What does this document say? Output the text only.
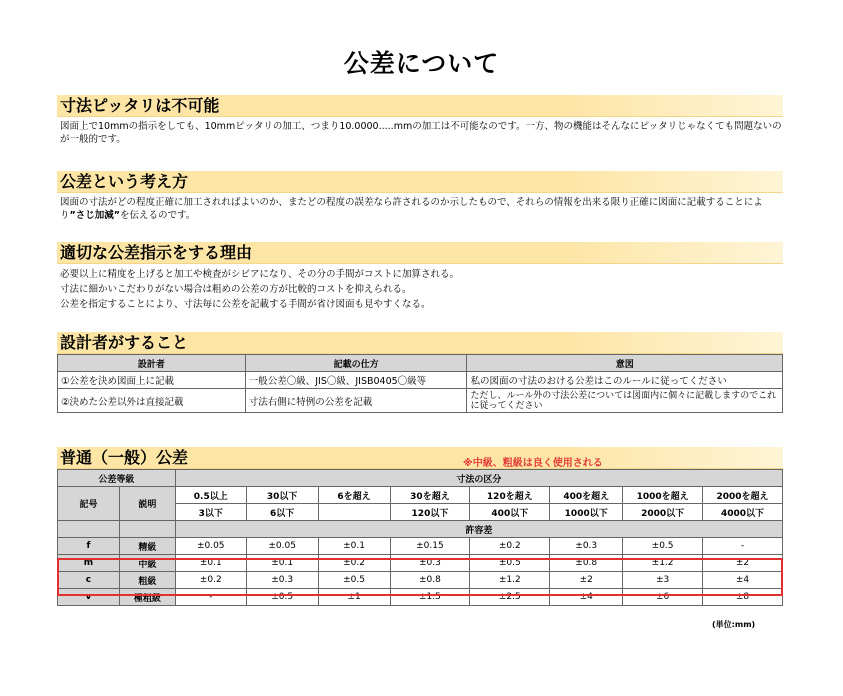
公差について
寸法ピッタリは不可能

図面上で10mmの指示をしても、10mmピッタリの加工、つまり10.0000.....mmの加工は不可能なのです。一方、物の機能はそんなにピッタリじゃなくても問題ないのが一般的です。

公差という考え方

図面の寸法がどの程度正確に加工されればよいのか、またどの程度の誤差なら許されるのか示したもので、それらの情報を出来る限り正確に図面に記載することにより”さじ加減”を伝えるのです。

適切な公差指示をする理由

必要以上に精度を上げると加工や検査がシビアになり、その分の手間がコストに加算される。

寸法に細かいこだわりがない場合は粗めの公差の方が比較的コストを抑えられる。

公差を指定することにより、寸法毎に公差を記載する手間が省け図面も見やすくなる。

設計者がすること
設計者	記載の仕方	意図
①公差を決め図面上に記載	一般公差〇級、JIS〇級、JISB0405〇級等	私の図面の寸法のおける公差はこのルールに従ってください
②決めた公差以外は直接記載	寸法右側に特例の公差を記載	ただし、ルール外の寸法公差については図面内に個々に記載しますのでこれに従ってください
普通（一般）公差	※中級、粗級は良く使用される
公差等級		寸法の区分							
記号	説明	0.5以上	30以下	6を超え	30を超え	120を超え	400を超え	1000を超え	2000を超え
		3以下	6以下		120以下	400以下	1000以下	2000以下	4000以下
		許容差							
f	精級	±0.05	±0.05	±0.1	±0.15	±0.2	±0.3	±0.5	-
m	中級	±0.1	±0.1	±0.2	±0.3	±0.5	±0.8	±1.2	±2
c	粗級	±0.2	±0.3	±0.5	±0.8	±1.2	±2	±3	±4
v	極粗級	-	±0.5	±1	±1.5	±2.5	±4	±6	±8
(単位:mm)
